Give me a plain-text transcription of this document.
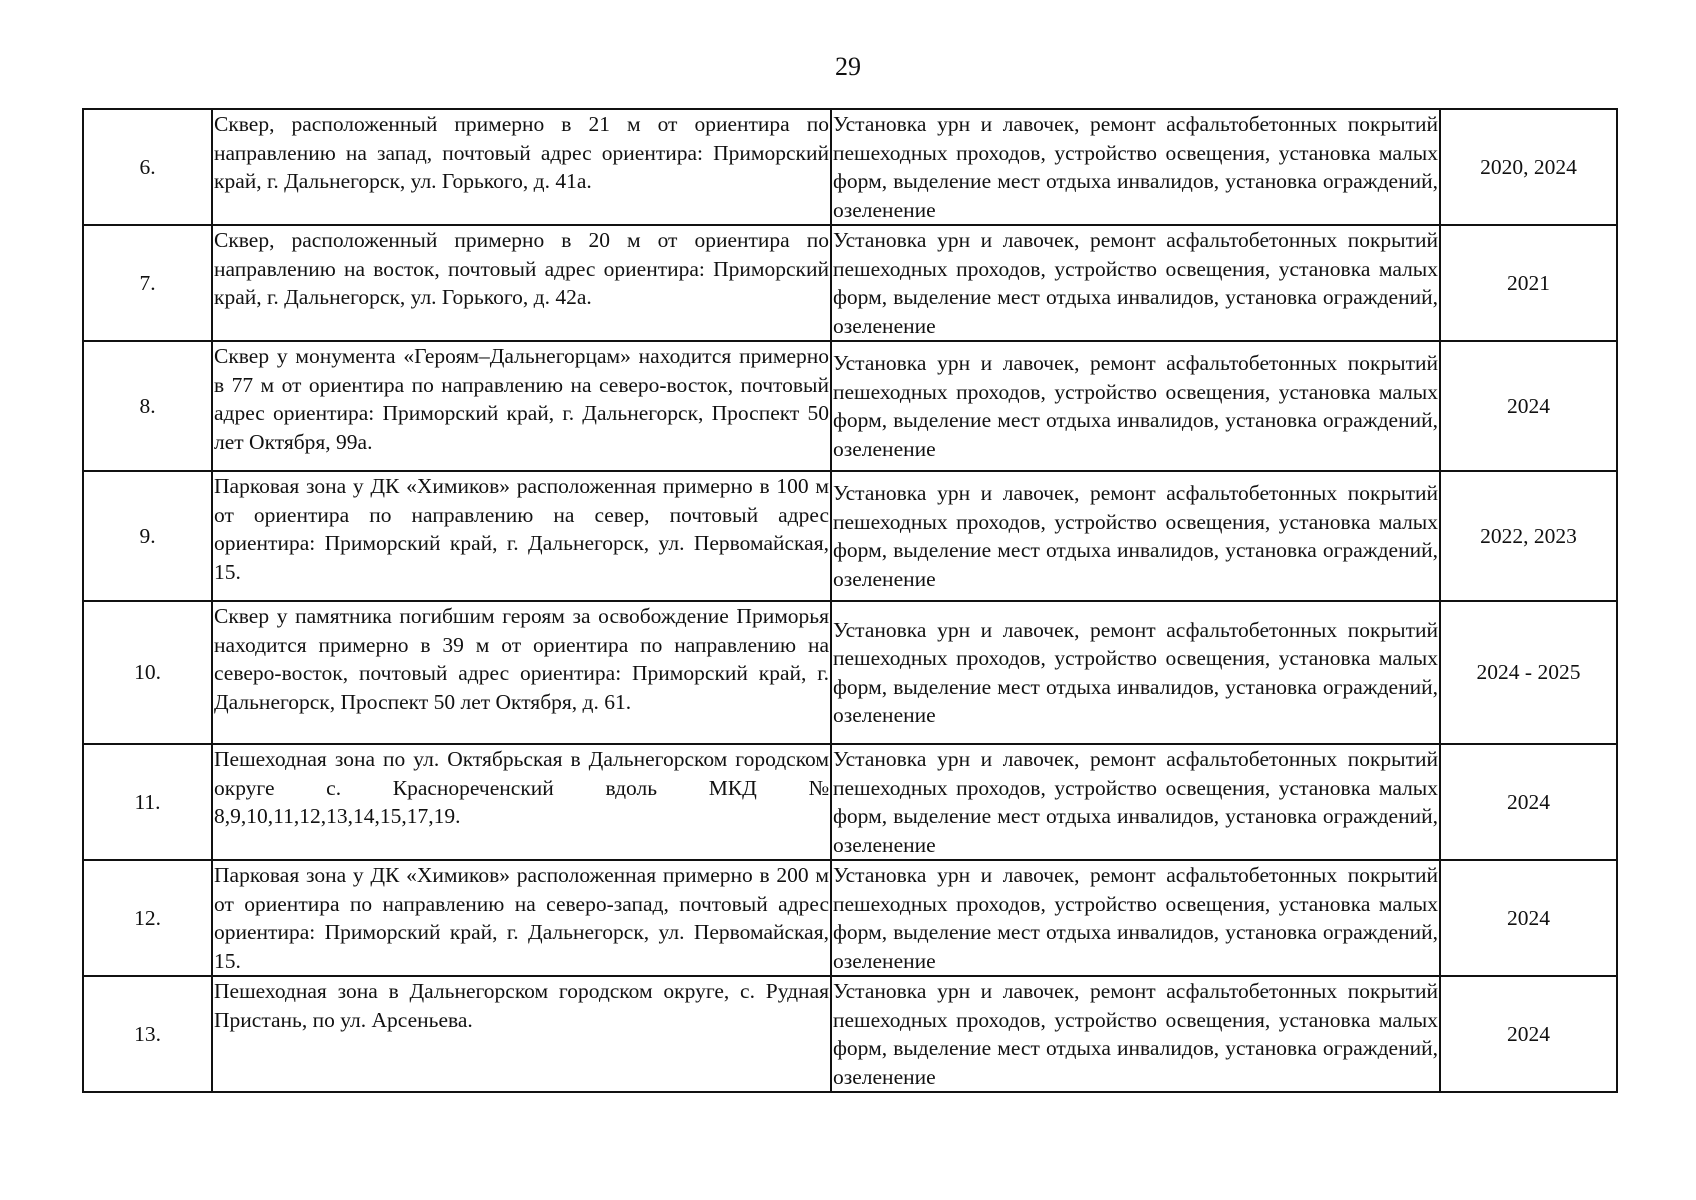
29
6.	Сквер, расположенный примерно в 21 м от ориентира по направлению на запад, почтовый адрес ориентира: Приморский край, г. Дальнегорск, ул. Горького, д. 41а.	Установка урн и лавочек, ремонт асфальтобетонных покрытий пешеходных проходов, устройство освещения, установка малых форм, выделение мест отдыха инвалидов, установка ограждений, озеленение	2020, 2024
7.	Сквер, расположенный примерно в 20 м от ориентира по направлению на восток, почтовый адрес ориентира: Приморский край, г. Дальнегорск, ул. Горького, д. 42а.	Установка урн и лавочек, ремонт асфальтобетонных покрытий пешеходных проходов, устройство освещения, установка малых форм, выделение мест отдыха инвалидов, установка ограждений, озеленение	2021
8.	Сквер у монумента «Героям–Дальнегорцам» находится примерно в 77 м от ориентира по направлению на северо-восток, почтовый адрес ориентира: Приморский край, г. Дальнегорск, Проспект 50 лет Октября, 99а.	Установка урн и лавочек, ремонт асфальтобетонных покрытий пешеходных проходов, устройство освещения, установка малых форм, выделение мест отдыха инвалидов, установка ограждений, озеленение	2024
9.	Парковая зона у ДК «Химиков» расположенная примерно в 100 м от ориентира по направлению на север, почтовый адрес ориентира: Приморский край, г. Дальнегорск, ул. Первомайская, 15.	Установка урн и лавочек, ремонт асфальтобетонных покрытий пешеходных проходов, устройство освещения, установка малых форм, выделение мест отдыха инвалидов, установка ограждений, озеленение	2022, 2023
10.	Сквер у памятника погибшим героям за освобождение Приморья находится примерно в 39 м от ориентира по направлению на северо-восток, почтовый адрес ориентира: Приморский край, г. Дальнегорск, Проспект 50 лет Октября, д. 61.	Установка урн и лавочек, ремонт асфальтобетонных покрытий пешеходных проходов, устройство освещения, установка малых форм, выделение мест отдыха инвалидов, установка ограждений, озеленение	2024 - 2025
11.	Пешеходная зона по ул. Октябрьская в Дальнегорском городском округе с. Краснореченский вдоль МКД № 8,9,10,11,12,13,14,15,17,19.	Установка урн и лавочек, ремонт асфальтобетонных покрытий пешеходных проходов, устройство освещения, установка малых форм, выделение мест отдыха инвалидов, установка ограждений, озеленение	2024
12.	Парковая зона у ДК «Химиков» расположенная примерно в 200 м от ориентира по направлению на северо-запад, почтовый адрес ориентира: Приморский край, г. Дальнегорск, ул. Первомайская, 15.	Установка урн и лавочек, ремонт асфальтобетонных покрытий пешеходных проходов, устройство освещения, установка малых форм, выделение мест отдыха инвалидов, установка ограждений, озеленение	2024
13.	Пешеходная зона в Дальнегорском городском округе, с. Рудная Пристань, по ул. Арсеньева.	Установка урн и лавочек, ремонт асфальтобетонных покрытий пешеходных проходов, устройство освещения, установка малых форм, выделение мест отдыха инвалидов, установка ограждений, озеленение	2024
